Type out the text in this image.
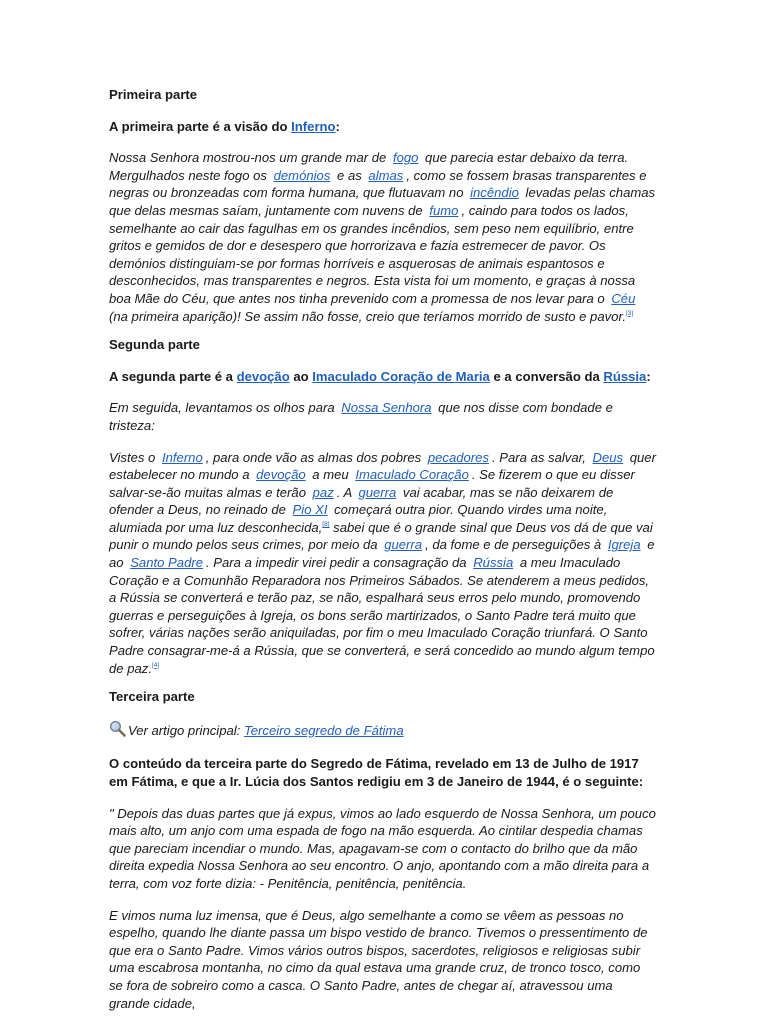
Primeira parte

A primeira parte é a visão do Inferno:

Nossa Senhora mostrou-nos um grande mar de fogo que parecia estar debaixo da terra. Mergulhados neste fogo os demónios e as almas , como se fossem brasas transparentes e negras ou bronzeadas com forma humana, que flutuavam no incêndio levadas pelas chamas que delas mesmas saíam, juntamente com nuvens de fumo , caindo para todos os lados, semelhante ao cair das fagulhas em os grandes incêndios, sem peso nem equilíbrio, entre gritos e gemidos de dor e desespero que horrorizava e fazia estremecer de pavor. Os demónios distinguiam-se por formas horríveis e asquerosas de animais espantosos e desconhecidos, mas transparentes e negros. Esta vista foi um momento, e graças à nossa boa Mãe do Céu, que antes nos tinha prevenido com a promessa de nos levar para o Céu (na primeira aparição)! Se assim não fosse, creio que teríamos morrido de susto e pavor.[3]

Segunda parte

A segunda parte é a devoção ao Imaculado Coração de Maria e a conversão da Rússia:

Em seguida, levantamos os olhos para Nossa Senhora que nos disse com bondade e tristeza:

Vistes o Inferno , para onde vão as almas dos pobres pecadores . Para as salvar, Deus quer estabelecer no mundo a devoção a meu Imaculado Coração . Se fizerem o que eu disser salvar-se-ão muitas almas e terão paz . A guerra vai acabar, mas se não deixarem de ofender a Deus, no reinado de Pio XI começará outra pior. Quando virdes uma noite, alumiada por uma luz desconhecida,[8] sabei que é o grande sinal que Deus vos dá de que vai punir o mundo pelos seus crimes, por meio da guerra , da fome e de perseguições à Igreja e ao Santo Padre . Para a impedir virei pedir a consagração da Rússia a meu Imaculado Coração e a Comunhão Reparadora nos Primeiros Sábados. Se atenderem a meus pedidos, a Rússia se converterá e terão paz, se não, espalhará seus erros pelo mundo, promovendo guerras e perseguições à Igreja, os bons serão martirizados, o Santo Padre terá muito que sofrer, várias nações serão aniquiladas, por fim o meu Imaculado Coração triunfará. O Santo Padre consagrar-me-á a Rússia, que se converterá, e será concedido ao mundo algum tempo de paz.[4]

Terceira parte

Ver artigo principal: Terceiro segredo de Fátima

O conteúdo da terceira parte do Segredo de Fátima, revelado em 13 de Julho de 1917 em Fátima, e que a Ir. Lúcia dos Santos redigiu em 3 de Janeiro de 1944, é o seguinte:

" Depois das duas partes que já expus, vimos ao lado esquerdo de Nossa Senhora, um pouco mais alto, um anjo com uma espada de fogo na mão esquerda. Ao cintilar despedia chamas que pareciam incendiar o mundo. Mas, apagavam-se com o contacto do brilho que da mão direita expedia Nossa Senhora ao seu encontro. O anjo, apontando com a mão direita para a terra, com voz forte dizia: - Penitência, penitência, penitência.

E vimos numa luz imensa, que é Deus, algo semelhante a como se vêem as pessoas no espelho, quando lhe diante passa um bispo vestido de branco. Tivemos o pressentimento de que era o Santo Padre. Vimos vários outros bispos, sacerdotes, religiosos e religiosas subir uma escabrosa montanha, no cimo da qual estava uma grande cruz, de tronco tosco, como se fora de sobreiro como a casca. O Santo Padre, antes de chegar aí, atravessou uma grande cidade,
